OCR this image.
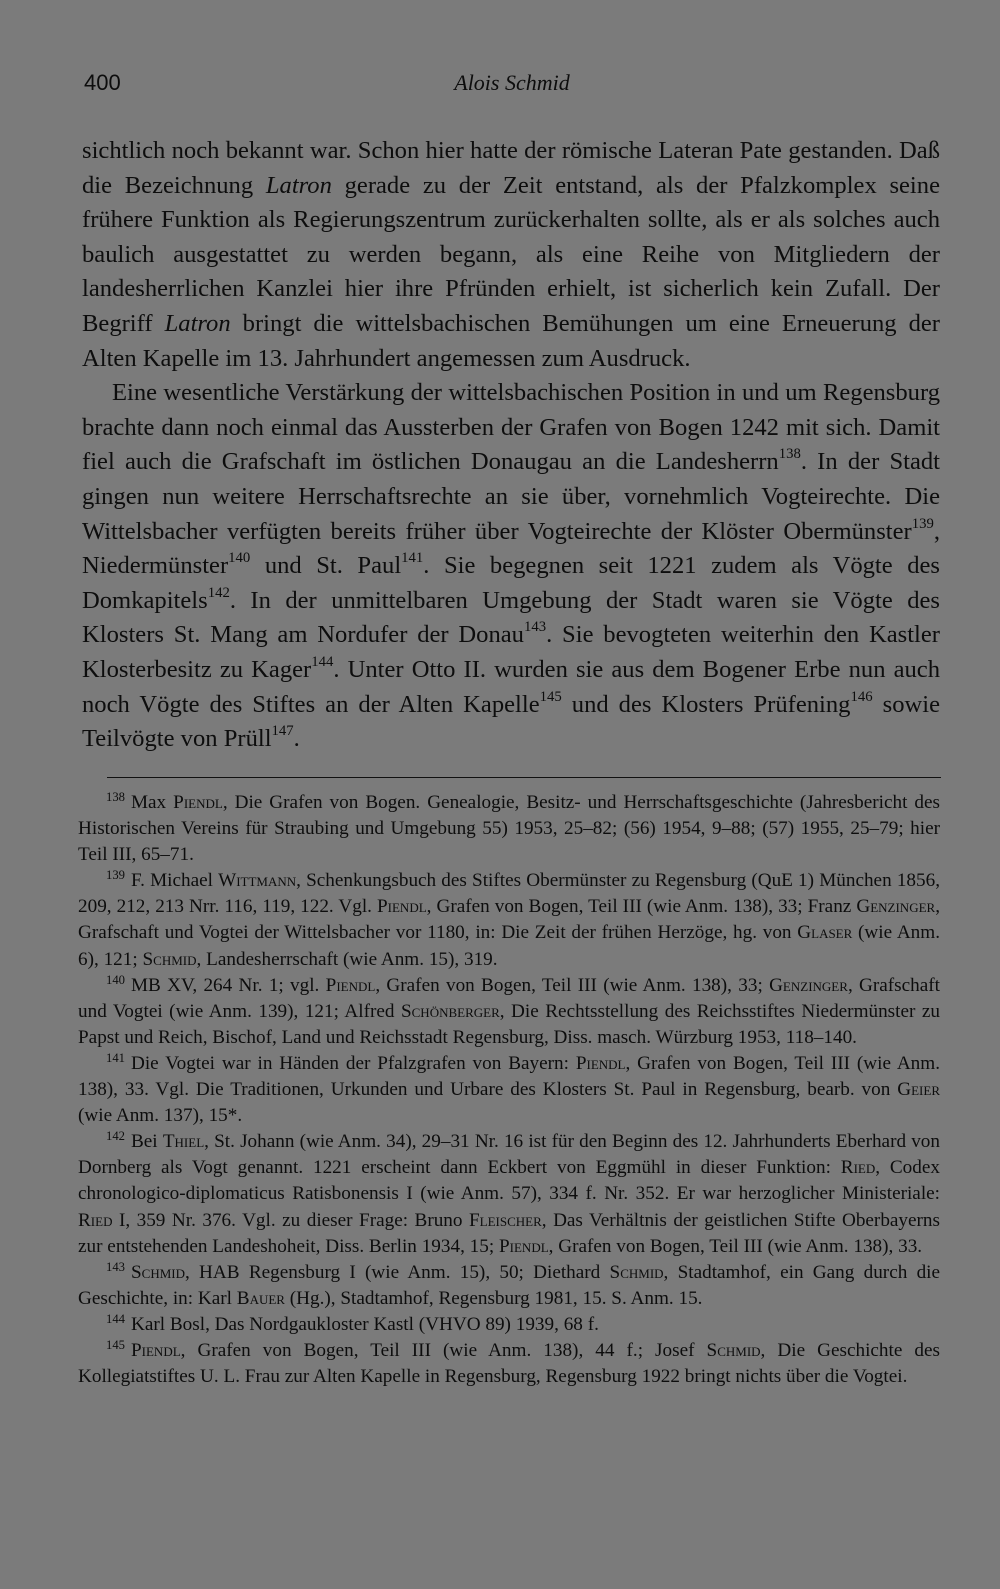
400	Alois Schmid

sichtlich noch bekannt war. Schon hier hatte der römische Lateran Pate gestanden. Daß die Bezeichnung Latron gerade zu der Zeit entstand, als der Pfalzkomplex seine frühere Funktion als Regierungszentrum zurückerhalten sollte, als er als solches auch baulich ausgestattet zu werden begann, als eine Reihe von Mitgliedern der landesherrlichen Kanzlei hier ihre Pfründen erhielt, ist sicherlich kein Zufall. Der Begriff Latron bringt die wittelsbachischen Bemühungen um eine Erneuerung der Alten Kapelle im 13. Jahrhundert angemessen zum Ausdruck.

Eine wesentliche Verstärkung der wittelsbachischen Position in und um Regensburg brachte dann noch einmal das Aussterben der Grafen von Bogen 1242 mit sich. Damit fiel auch die Grafschaft im östlichen Donaugau an die Landesherrn$^{138}$. In der Stadt gingen nun weitere Herrschaftsrechte an sie über, vornehmlich Vogteirechte. Die Wittelsbacher verfügten bereits früher über Vogteirechte der Klöster Obermünster$^{139}$, Niedermünster$^{140}$ und St. Paul$^{141}$. Sie begegnen seit 1221 zudem als Vögte des Domkapitels$^{142}$. In der unmittelbaren Umgebung der Stadt waren sie Vögte des Klosters St. Mang am Nordufer der Donau$^{143}$. Sie bevogteten weiterhin den Kastler Klosterbesitz zu Kager$^{144}$. Unter Otto II. wurden sie aus dem Bogener Erbe nun auch noch Vögte des Stiftes an der Alten Kapelle$^{145}$ und des Klosters Prüfening$^{146}$ sowie Teilvögte von Prüll$^{147}$.

138 Max Piendl, Die Grafen von Bogen. Genealogie, Besitz- und Herrschaftsgeschichte (Jahresbericht des Historischen Vereins für Straubing und Umgebung 55) 1953, 25–82; (56) 1954, 9–88; (57) 1955, 25–79; hier Teil III, 65–71.

139 F. Michael Wittmann, Schenkungsbuch des Stiftes Obermünster zu Regensburg (QuE 1) München 1856, 209, 212, 213 Nrr. 116, 119, 122. Vgl. Piendl, Grafen von Bogen, Teil III (wie Anm. 138), 33; Franz Genzinger, Grafschaft und Vogtei der Wittelsbacher vor 1180, in: Die Zeit der frühen Herzöge, hg. von Glaser (wie Anm. 6), 121; Schmid, Landesherrschaft (wie Anm. 15), 319.

140 MB XV, 264 Nr. 1; vgl. Piendl, Grafen von Bogen, Teil III (wie Anm. 138), 33; Genzinger, Grafschaft und Vogtei (wie Anm. 139), 121; Alfred Schönberger, Die Rechtsstellung des Reichsstiftes Niedermünster zu Papst und Reich, Bischof, Land und Reichsstadt Regensburg, Diss. masch. Würzburg 1953, 118–140.

141 Die Vogtei war in Händen der Pfalzgrafen von Bayern: Piendl, Grafen von Bogen, Teil III (wie Anm. 138), 33. Vgl. Die Traditionen, Urkunden und Urbare des Klosters St. Paul in Regensburg, bearb. von Geier (wie Anm. 137), 15*.

142 Bei Thiel, St. Johann (wie Anm. 34), 29–31 Nr. 16 ist für den Beginn des 12. Jahrhunderts Eberhard von Dornberg als Vogt genannt. 1221 erscheint dann Eckbert von Eggmühl in dieser Funktion: Ried, Codex chronologico-diplomaticus Ratisbonensis I (wie Anm. 57), 334 f. Nr. 352. Er war herzoglicher Ministeriale: Ried I, 359 Nr. 376. Vgl. zu dieser Frage: Bruno Fleischer, Das Verhältnis der geistlichen Stifte Oberbayerns zur entstehenden Landeshoheit, Diss. Berlin 1934, 15; Piendl, Grafen von Bogen, Teil III (wie Anm. 138), 33.

143 Schmid, HAB Regensburg I (wie Anm. 15), 50; Diethard Schmid, Stadtamhof, ein Gang durch die Geschichte, in: Karl Bauer (Hg.), Stadtamhof, Regensburg 1981, 15. S. Anm. 15.

144 Karl Bosl, Das Nordgaukloster Kastl (VHVO 89) 1939, 68 f.

145 Piendl, Grafen von Bogen, Teil III (wie Anm. 138), 44 f.; Josef Schmid, Die Geschichte des Kollegiatstiftes U. L. Frau zur Alten Kapelle in Regensburg, Regensburg 1922 bringt nichts über die Vogtei.
